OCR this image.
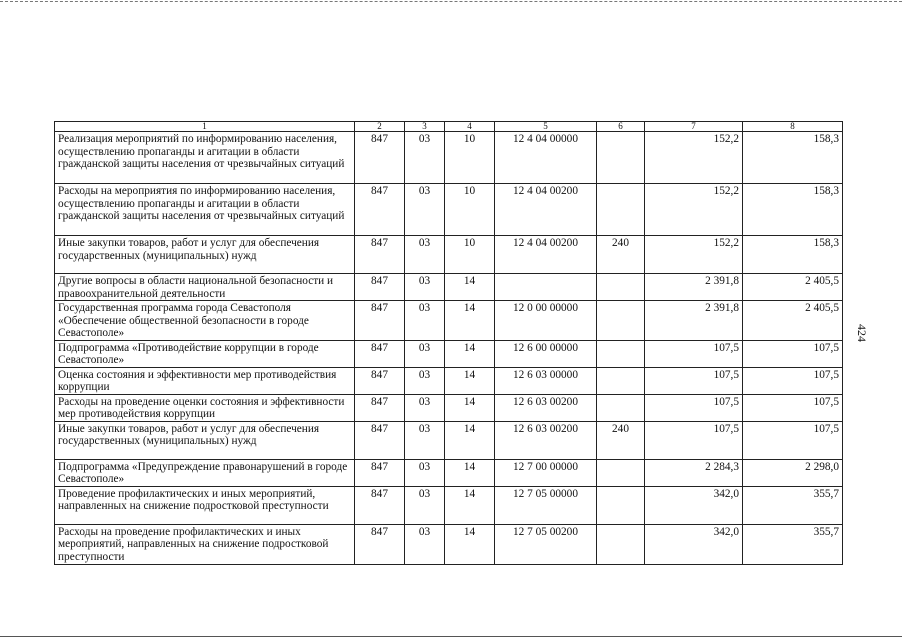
424
1	2	3	4	5	6	7	8
Реализация мероприятий по информированию населения, осуществлению пропаганды и агитации в области гражданской защиты населения от чрезвычайных ситуаций	847	03	10	12 4 04 00000		152,2	158,3
Расходы на мероприятия по информированию населения, осуществлению пропаганды и агитации в области гражданской защиты населения от чрезвычайных ситуаций	847	03	10	12 4 04 00200		152,2	158,3
Иные закупки товаров, работ и услуг для обеспечения государственных (муниципальных) нужд	847	03	10	12 4 04 00200	240	152,2	158,3
Другие вопросы в области национальной безопасности и правоохранительной деятельности	847	03	14			2 391,8	2 405,5
Государственная программа города Севастополя «Обеспечение общественной безопасности в городе Севастополе»	847	03	14	12 0 00 00000		2 391,8	2 405,5
Подпрограмма «Противодействие коррупции в городе Севастополе»	847	03	14	12 6 00 00000		107,5	107,5
Оценка состояния и эффективности мер противодействия коррупции	847	03	14	12 6 03 00000		107,5	107,5
Расходы на проведение оценки состояния и эффективности мер противодействия коррупции	847	03	14	12 6 03 00200		107,5	107,5
Иные закупки товаров, работ и услуг для обеспечения государственных (муниципальных) нужд	847	03	14	12 6 03 00200	240	107,5	107,5
Подпрограмма «Предупреждение правонарушений в городе Севастополе»	847	03	14	12 7 00 00000		2 284,3	2 298,0
Проведение профилактических и иных мероприятий, направленных на снижение подростковой преступности	847	03	14	12 7 05 00000		342,0	355,7
Расходы на проведение профилактических и иных мероприятий, направленных на снижение подростковой преступности	847	03	14	12 7 05 00200		342,0	355,7
